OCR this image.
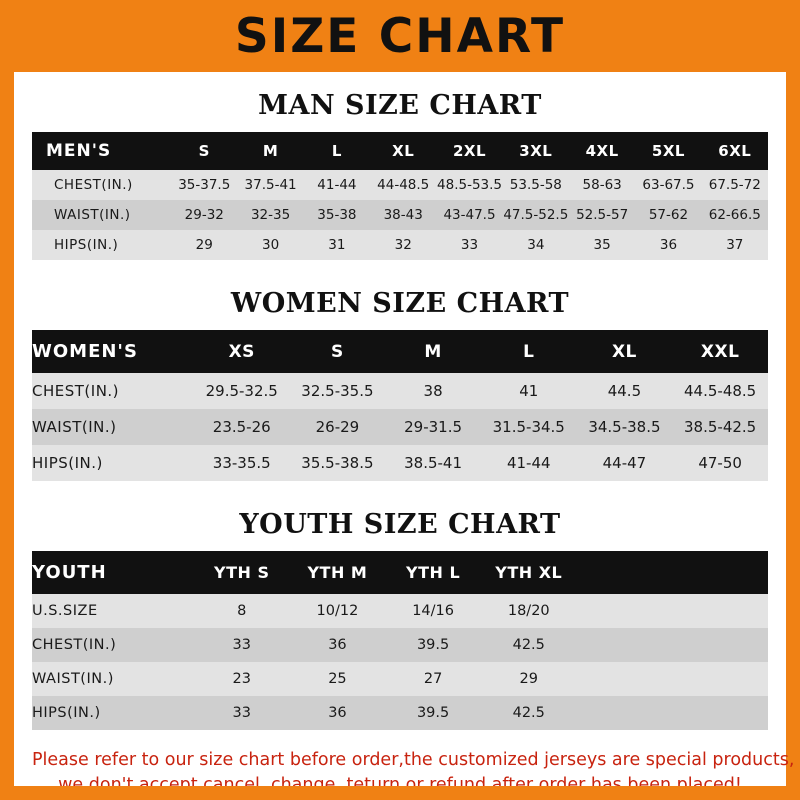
SIZE CHART
MAN SIZE CHART
MEN'S	S	M	L	XL	2XL	3XL	4XL	5XL	6XL
CHEST(IN.)	35-37.5	37.5-41	41-44	44-48.5	48.5-53.5	53.5-58	58-63	63-67.5	67.5-72
WAIST(IN.)	29-32	32-35	35-38	38-43	43-47.5	47.5-52.5	52.5-57	57-62	62-66.5
HIPS(IN.)	29	30	31	32	33	34	35	36	37
WOMEN SIZE CHART
WOMEN'S	XS	S	M	L	XL	XXL
CHEST(IN.)	29.5-32.5	32.5-35.5	38	41	44.5	44.5-48.5
WAIST(IN.)	23.5-26	26-29	29-31.5	31.5-34.5	34.5-38.5	38.5-42.5
HIPS(IN.)	33-35.5	35.5-38.5	38.5-41	41-44	44-47	47-50
YOUTH SIZE CHART
YOUTH	YTH S	YTH M	YTH L	YTH XL		
U.S.SIZE	8	10/12	14/16	18/20		
CHEST(IN.)	33	36	39.5	42.5		
WAIST(IN.)	23	25	27	29		
HIPS(IN.)	33	36	39.5	42.5		
Please refer to our size chart before order,the customized jerseys are special products,
